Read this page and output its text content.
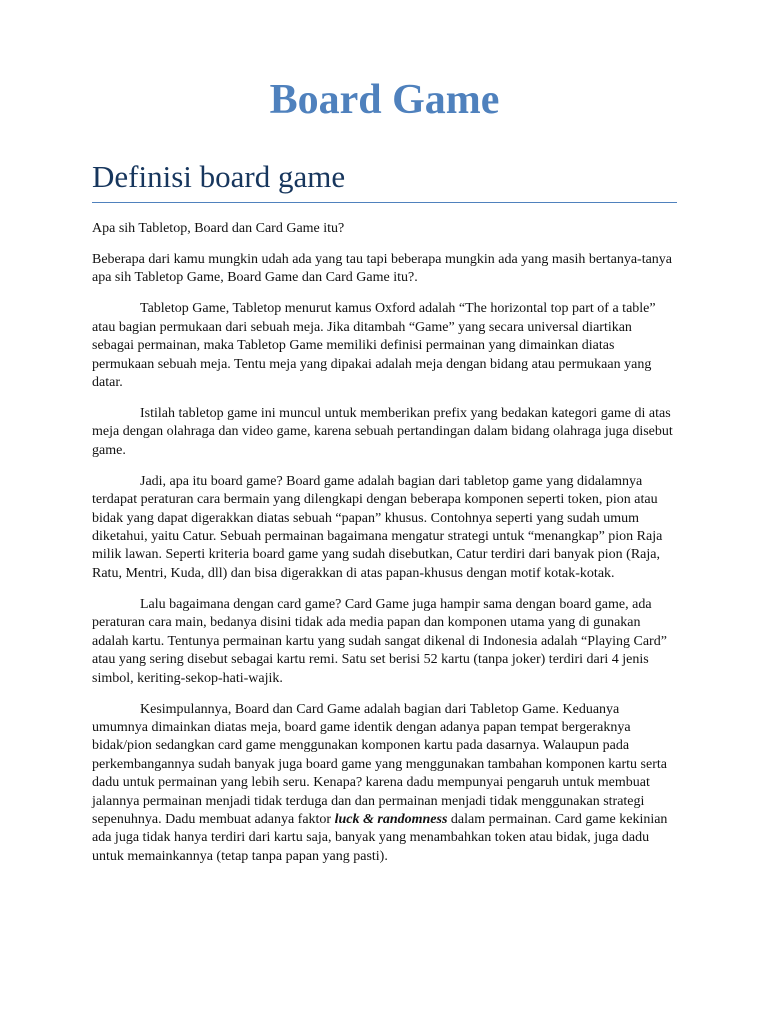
Board Game
Definisi board game

Apa sih Tabletop, Board dan Card Game itu?

Beberapa dari kamu mungkin udah ada yang tau tapi beberapa mungkin ada yang masih bertanya-tanya apa sih Tabletop Game, Board Game dan Card Game itu?.

Tabletop Game, Tabletop menurut kamus Oxford adalah “The horizontal top part of a table” atau bagian permukaan dari sebuah meja. Jika ditambah “Game” yang secara universal diartikan sebagai permainan, maka Tabletop Game memiliki definisi permainan yang dimainkan diatas permukaan sebuah meja. Tentu meja yang dipakai adalah meja dengan bidang atau permukaan yang datar.

Istilah tabletop game ini muncul untuk memberikan prefix yang bedakan kategori game di atas meja dengan olahraga dan video game, karena sebuah pertandingan dalam bidang olahraga juga disebut game.

Jadi, apa itu board game? Board game adalah bagian dari tabletop game yang didalamnya terdapat peraturan cara bermain yang dilengkapi dengan beberapa komponen seperti token, pion atau bidak yang dapat digerakkan diatas sebuah “papan” khusus. Contohnya seperti yang sudah umum diketahui, yaitu Catur. Sebuah permainan bagaimana mengatur strategi untuk “menangkap” pion Raja milik lawan. Seperti kriteria board game yang sudah disebutkan, Catur terdiri dari banyak pion (Raja, Ratu, Mentri, Kuda, dll) dan bisa digerakkan di atas papan-khusus dengan motif kotak-kotak.

Lalu bagaimana dengan card game? Card Game juga hampir sama dengan board game, ada peraturan cara main, bedanya disini tidak ada media papan dan komponen utama yang di gunakan adalah kartu. Tentunya permainan kartu yang sudah sangat dikenal di Indonesia adalah “Playing Card” atau yang sering disebut sebagai kartu remi. Satu set berisi 52 kartu (tanpa joker) terdiri dari 4 jenis simbol, keriting-sekop-hati-wajik.

Kesimpulannya, Board dan Card Game adalah bagian dari Tabletop Game. Keduanya umumnya dimainkan diatas meja, board game identik dengan adanya papan tempat bergeraknya bidak/pion sedangkan card game menggunakan komponen kartu pada dasarnya. Walaupun pada perkembangannya sudah banyak juga board game yang menggunakan tambahan komponen kartu serta dadu untuk permainan yang lebih seru. Kenapa? karena dadu mempunyai pengaruh untuk membuat jalannya permainan menjadi tidak terduga dan dan permainan menjadi tidak menggunakan strategi sepenuhnya. Dadu membuat adanya faktor luck & randomness dalam permainan. Card game kekinian ada juga tidak hanya terdiri dari kartu saja, banyak yang menambahkan token atau bidak, juga dadu untuk memainkannya (tetap tanpa papan yang pasti).
